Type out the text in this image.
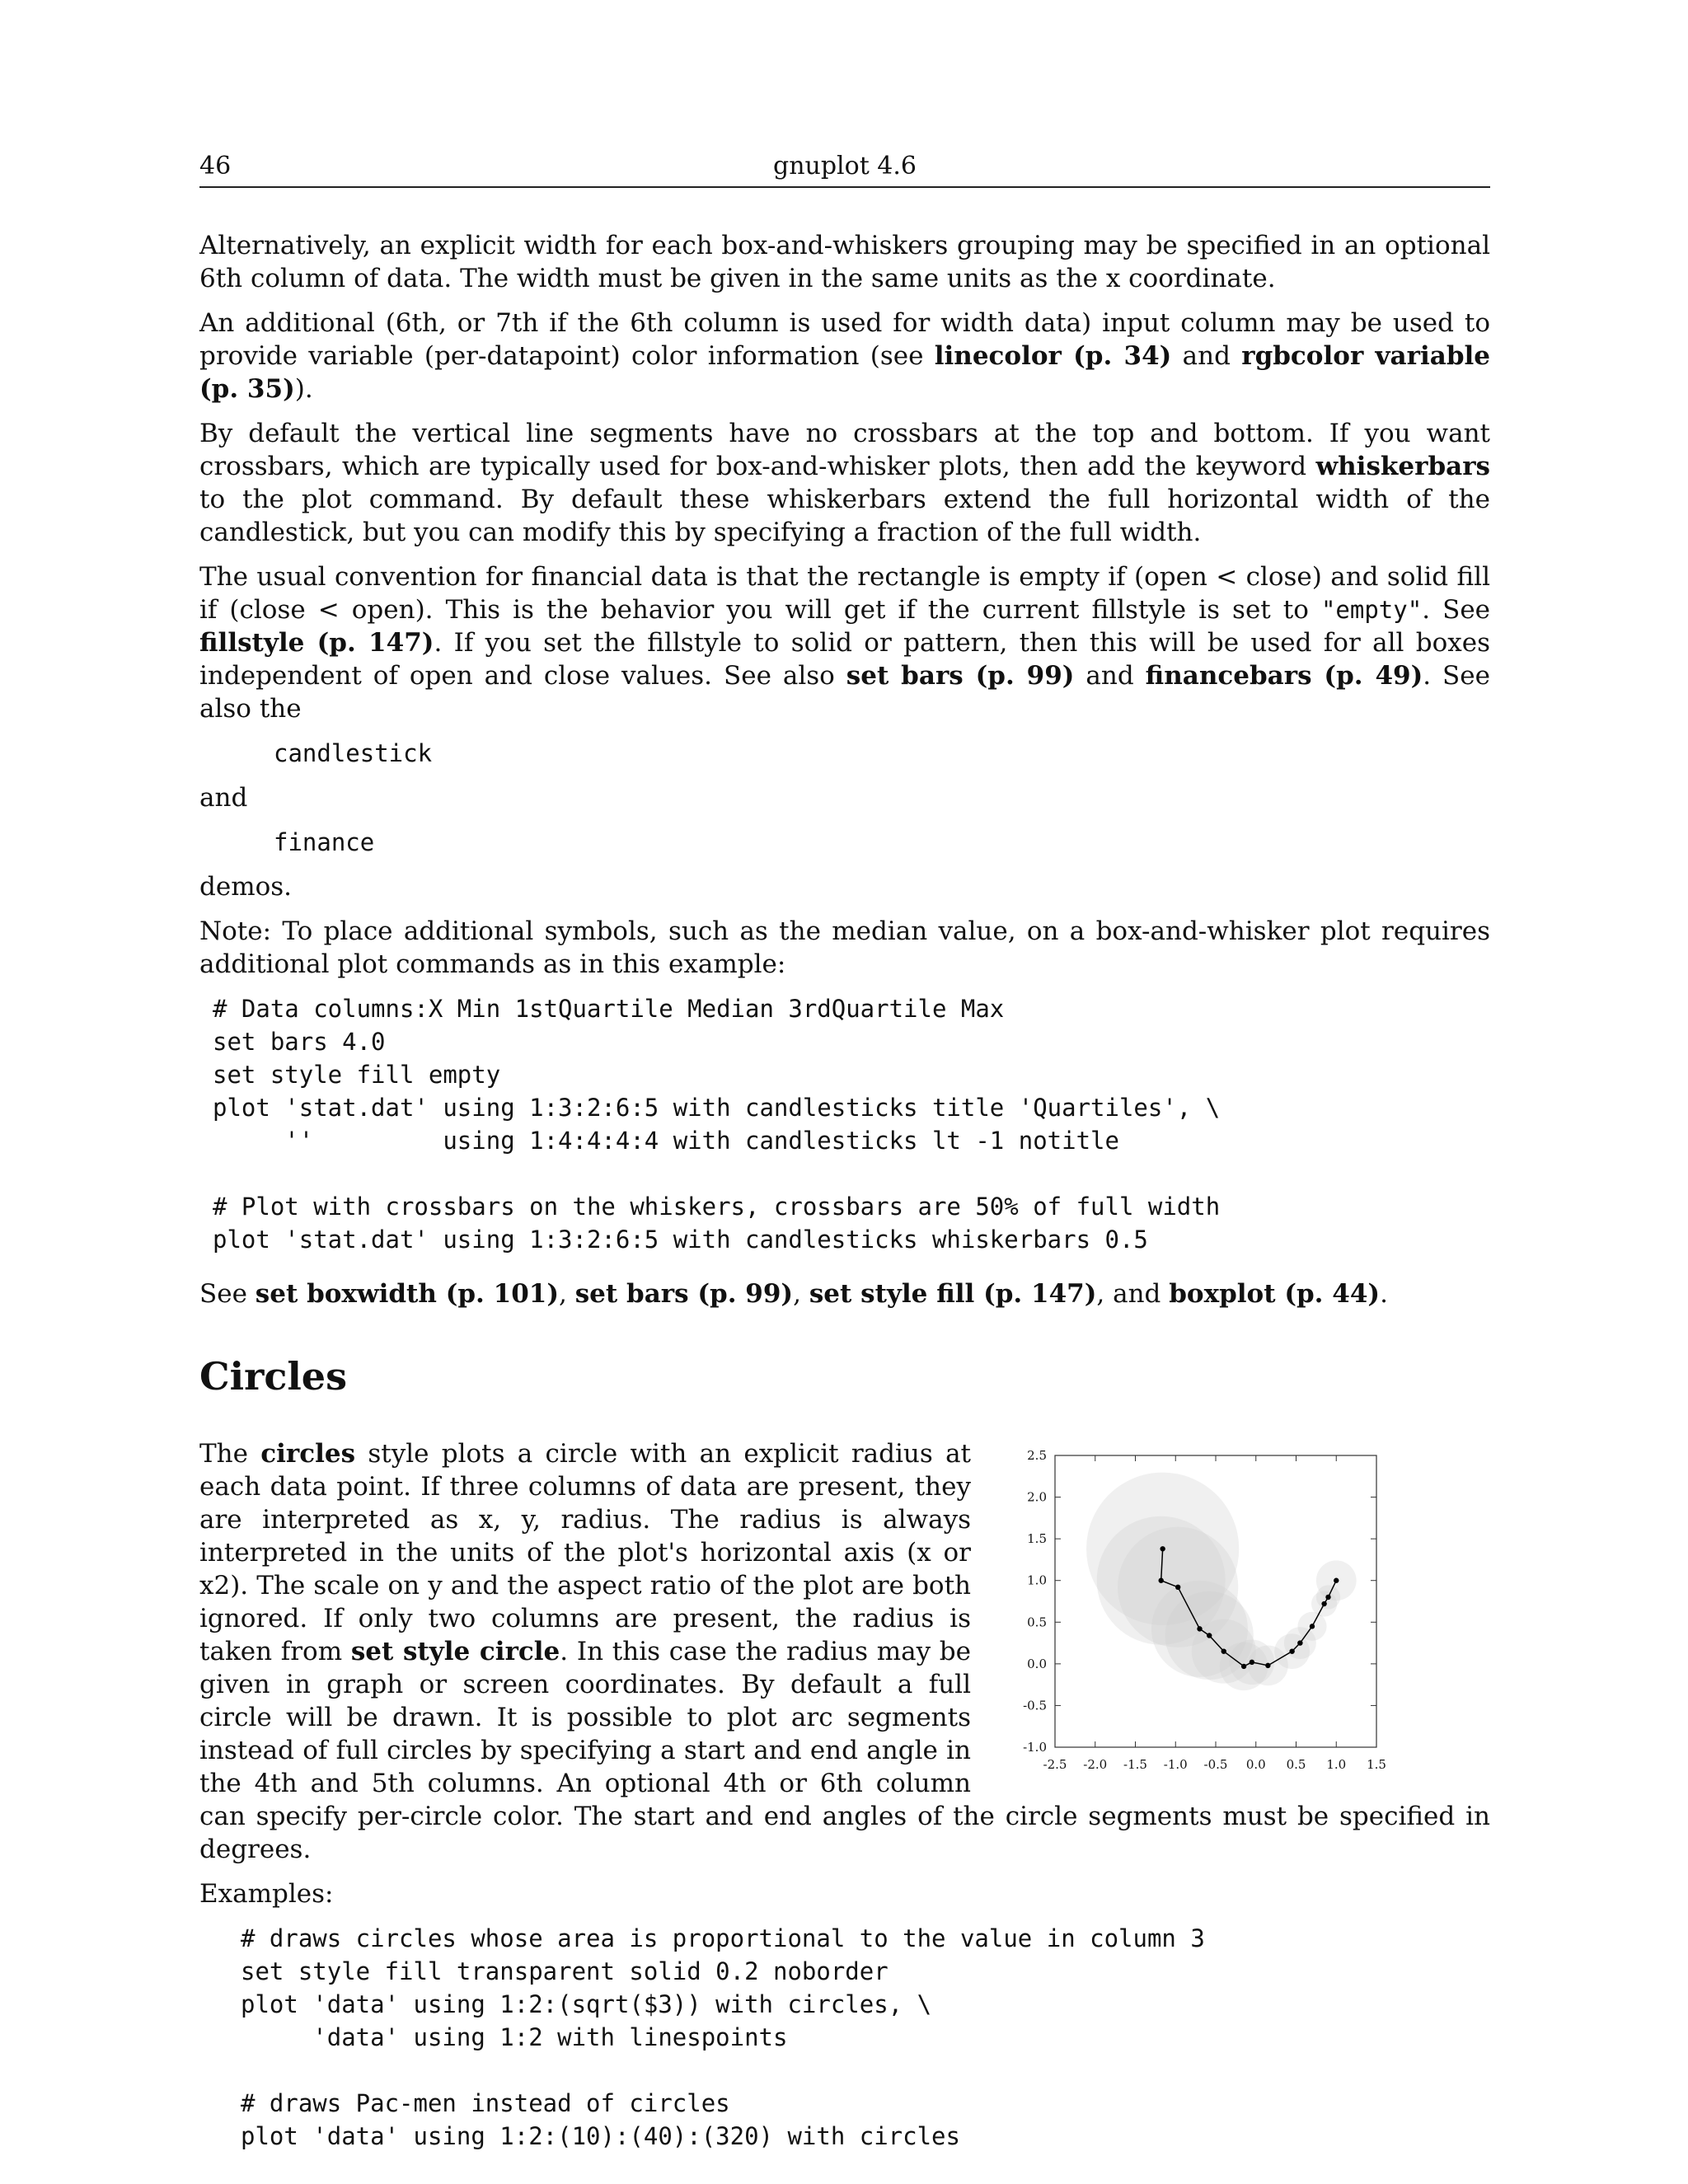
46	gnuplot 4.6

Alternatively, an explicit width for each box-and-whiskers grouping may be specified in an optional 6th column of data. The width must be given in the same units as the x coordinate.

An additional (6th, or 7th if the 6th column is used for width data) input column may be used to provide variable (per-datapoint) color information (see linecolor (p. 34) and rgbcolor variable (p. 35)).

By default the vertical line segments have no crossbars at the top and bottom. If you want crossbars, which are typically used for box-and-whisker plots, then add the keyword whiskerbars to the plot command. By default these whiskerbars extend the full horizontal width of the candlestick, but you can modify this by specifying a fraction of the full width.

The usual convention for financial data is that the rectangle is empty if (open < close) and solid fill if (close < open). This is the behavior you will get if the current fillstyle is set to "empty". See fillstyle (p. 147). If you set the fillstyle to solid or pattern, then this will be used for all boxes independent of open and close values. See also set bars (p. 99) and financebars (p. 49). See also the

candlestick

and

finance

demos.

Note: To place additional symbols, such as the median value, on a box-and-whisker plot requires additional plot commands as in this example:

# Data columns:X Min 1stQuartile Median 3rdQuartile Max
set bars 4.0
set style fill empty
plot 'stat.dat' using 1:3:2:6:5 with candlesticks title 'Quartiles', \
''         using 1:4:4:4:4 with candlesticks lt -1 notitle

# Plot with crossbars on the whiskers, crossbars are 50% of full width
plot 'stat.dat' using 1:3:2:6:5 with candlesticks whiskerbars 0.5

See set boxwidth (p. 101), set bars (p. 99), set style fill (p. 147), and boxplot (p. 44).

Circles
-2.5 -2.0 -1.5 -1.0 -0.5 0.0 0.5 1.0 1.5
2.5
2.0
1.5
1.0
0.5
0.0
-0.5
-1.0

The circles style plots a circle with an explicit radius at each data point. If three columns of data are present, they are interpreted as x, y, radius. The radius is always interpreted in the units of the plot's horizontal axis (x or x2). The scale on y and the aspect ratio of the plot are both ignored. If only two columns are present, the radius is taken from set style circle. In this case the radius may be given in graph or screen coordinates. By default a full circle will be drawn. It is possible to plot arc segments instead of full circles by specifying a start and end angle in the 4th and 5th columns. An optional 4th or 6th column can specify per-circle color. The start and end angles of the circle segments must be specified in degrees.

Examples:

# draws circles whose area is proportional to the value in column 3
set style fill transparent solid 0.2 noborder
plot 'data' using 1:2:(sqrt($3)) with circles, \
'data' using 1:2 with linespoints

# draws Pac-men instead of circles
plot 'data' using 1:2:(10):(40):(320) with circles
